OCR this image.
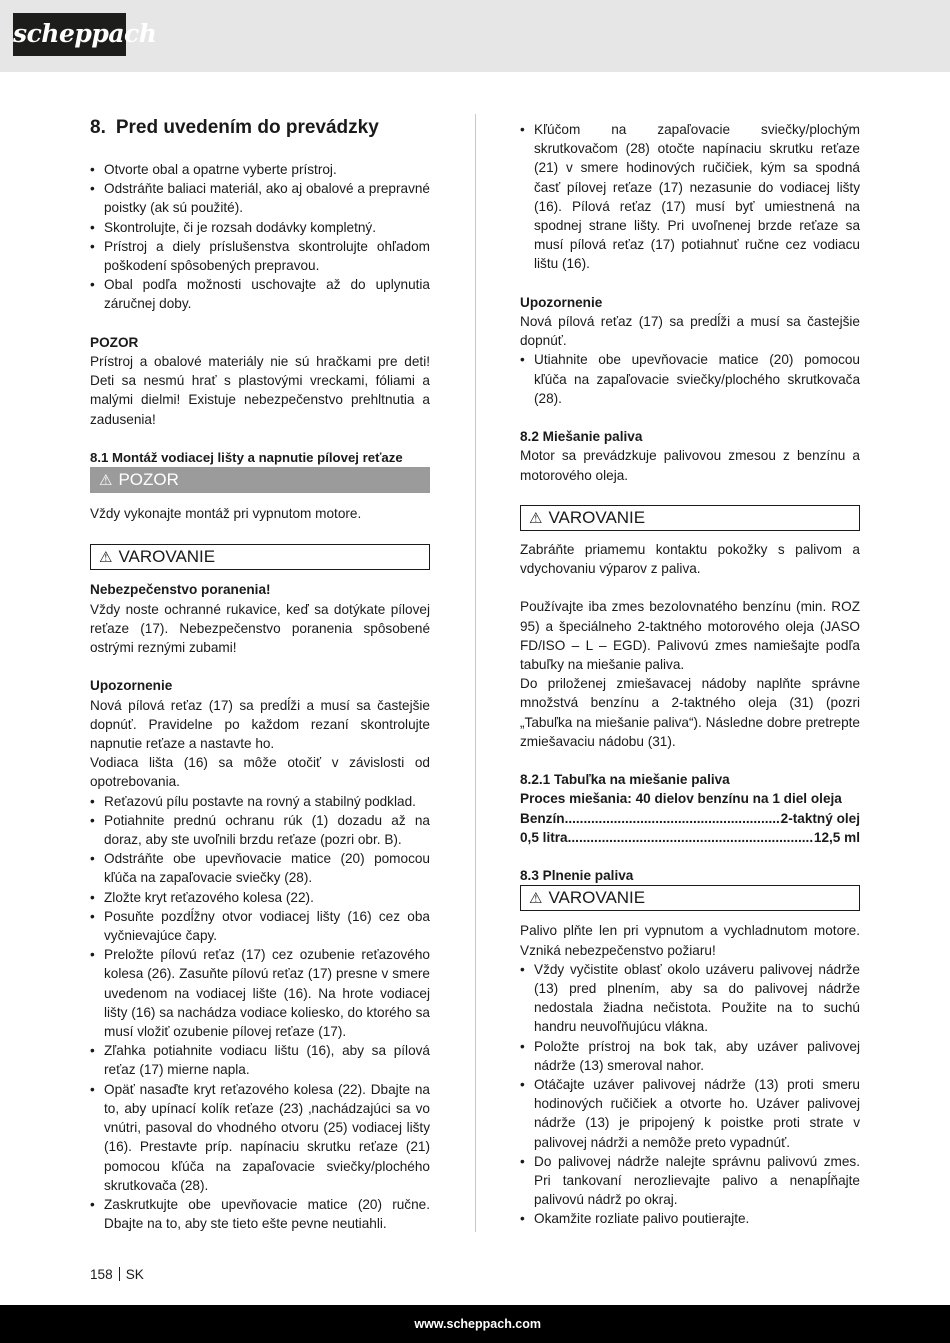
scheppach
8. Pred uvedením do prevádzky
• Otvorte obal a opatrne vyberte prístroj.
• Odstráňte baliaci materiál, ako aj obalové a prepravné poistky (ak sú použité).
• Skontrolujte, či je rozsah dodávky kompletný.
• Prístroj a diely príslušenstva skontrolujte ohľadom poškodení spôsobených prepravou.
• Obal podľa možnosti uschovajte až do uplynutia záručnej doby.

POZOR

Prístroj a obalové materiály nie sú hračkami pre deti! Deti sa nesmú hrať s plastovými vreckami, fóliami a malými dielmi! Existuje nebezpečenstvo prehltnutia a zadusenia!

8.1 Montáž vodiacej lišty a napnutie pílovej reťaze

⚠ POZOR

Vždy vykonajte montáž pri vypnutom motore.

⚠ VAROVANIE

Nebezpečenstvo poranenia!

Vždy noste ochranné rukavice, keď sa dotýkate pílovej reťaze (17). Nebezpečenstvo poranenia spôsobené ostrými reznými zubami!

Upozornenie

Nová pílová reťaz (17) sa predĺži a musí sa častejšie dopnúť. Pravidelne po každom rezaní skontrolujte napnutie reťaze a nastavte ho.

Vodiaca lišta (16) sa môže otočiť v závislosti od opotrebovania.

• Reťazovú pílu postavte na rovný a stabilný podklad.
• Potiahnite prednú ochranu rúk (1) dozadu až na doraz, aby ste uvoľnili brzdu reťaze (pozri obr. B).
• Odstráňte obe upevňovacie matice (20) pomocou kľúča na zapaľovacie sviečky (28).
• Zložte kryt reťazového kolesa (22).
• Posuňte pozdĺžny otvor vodiacej lišty (16) cez oba vyčnievajúce čapy.
• Preložte pílovú reťaz (17) cez ozubenie reťazového kolesa (26). Zasuňte pílovú reťaz (17) presne v smere uvedenom na vodiacej lište (16). Na hrote vodiacej lišty (16) sa nachádza vodiace koliesko, do ktorého sa musí vložiť ozubenie pílovej reťaze (17).
• Zľahka potiahnite vodiacu lištu (16), aby sa pílová reťaz (17) mierne napla.
• Opäť nasaďte kryt reťazového kolesa (22). Dbajte na to, aby upínací kolík reťaze (23) ‚nachádzajúci sa vo vnútri, pasoval do vhodného otvoru (25) vodiacej lišty (16). Prestavte príp. napínaciu skrutku reťaze (21) pomocou kľúča na zapaľovacie sviečky/plochého skrutkovača (28).
• Zaskrutkujte obe upevňovacie matice (20) ručne. Dbajte na to, aby ste tieto ešte pevne neutiahli.
• Kľúčom na zapaľovacie sviečky/plochým skrutkovačom (28) otočte napínaciu skrutku reťaze (21) v smere hodinových ručičiek, kým sa spodná časť pílovej reťaze (17) nezasunie do vodiacej lišty (16). Pílová reťaz (17) musí byť umiestnená na spodnej strane lišty. Pri uvoľnenej brzde reťaze sa musí pílová reťaz (17) potiahnuť ručne cez vodiacu lištu (16).

Upozornenie

Nová pílová reťaz (17) sa predĺži a musí sa častejšie dopnúť.

• Utiahnite obe upevňovacie matice (20) pomocou kľúča na zapaľovacie sviečky/plochého skrutkovača (28).

8.2 Miešanie paliva

Motor sa prevádzkuje palivovou zmesou z benzínu a motorového oleja.

⚠ VAROVANIE

Zabráňte priamemu kontaktu pokožky s palivom a vdychovaniu výparov z paliva.

Používajte iba zmes bezolovnatého benzínu (min. ROZ 95) a špeciálneho 2-taktného motorového oleja (JASO FD/ISO – L – EGD). Palivovú zmes namiešajte podľa tabuľky na miešanie paliva.

Do priloženej zmiešavacej nádoby naplňte správne množstvá benzínu a 2-taktného oleja (31) (pozri „Tabuľka na miešanie paliva“). Následne dobre pretrepte zmiešavaciu nádobu (31).

8.2.1 Tabuľka na miešanie paliva

Proces miešania: 40 dielov benzínu na 1 diel oleja

Benzín .....	2-taktný olej
0,5 litra .....	12,5 ml

8.3 Plnenie paliva

⚠ VAROVANIE

Palivo plňte len pri vypnutom a vychladnutom motore. Vzniká nebezpečenstvo požiaru!

• Vždy vyčistite oblasť okolo uzáveru palivovej nádrže (13) pred plnením, aby sa do palivovej nádrže nedostala žiadna nečistota. Použite na to suchú handru neuvoľňujúcu vlákna.
• Položte prístroj na bok tak, aby uzáver palivovej nádrže (13) smeroval nahor.
• Otáčajte uzáver palivovej nádrže (13) proti smeru hodinových ručičiek a otvorte ho. Uzáver palivovej nádrže (13) je pripojený k poistke proti strate v palivovej nádrži a nemôže preto vypadnúť.
• Do palivovej nádrže nalejte správnu palivovú zmes. Pri tankovaní nerozlievajte palivo a nenapĺňajte palivovú nádrž po okraj.
• Okamžite rozliate palivo poutierajte.
158 SK
www.scheppach.com
